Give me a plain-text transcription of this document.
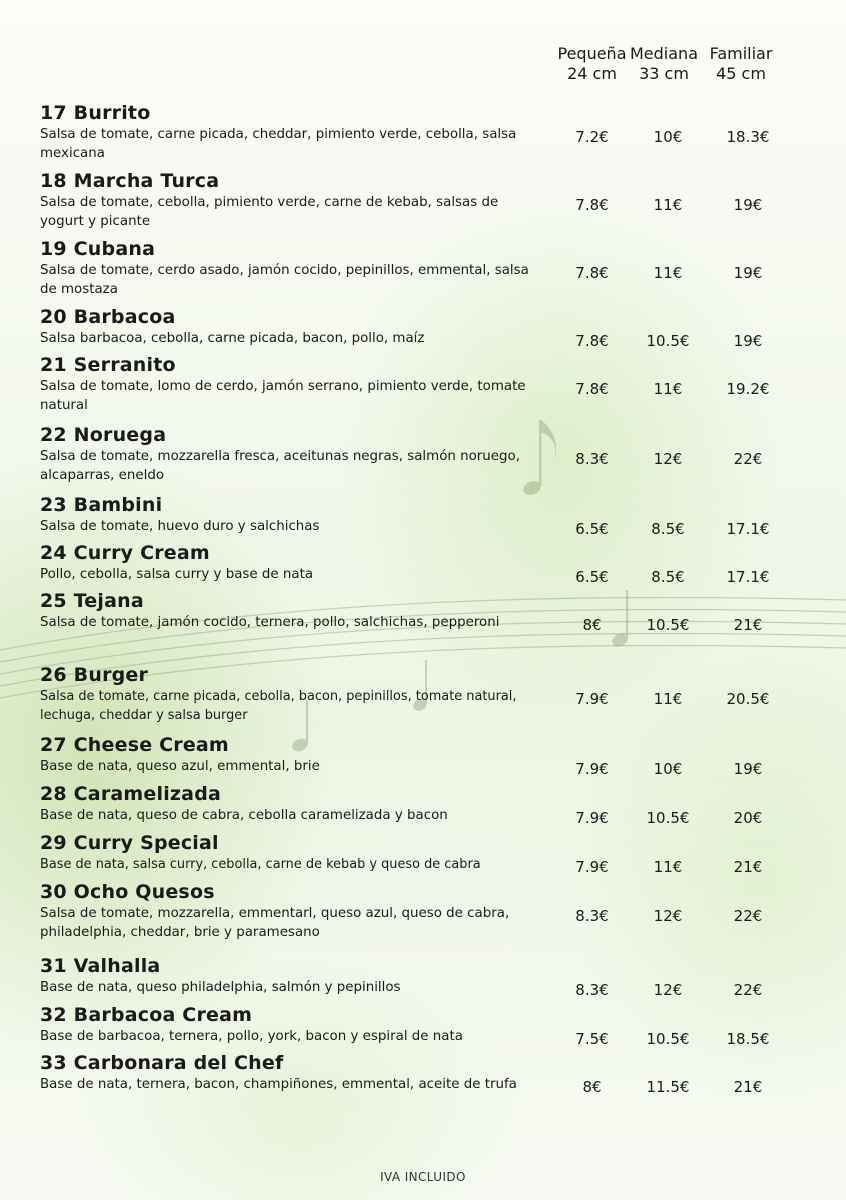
Pequeña Mediana Familiar
24 cm	33 cm	45 cm
17 Burrito
Salsa de tomate, carne picada, cheddar, pimiento verde, cebolla, salsa mexicana
7.2€	10€	18.3€
18 Marcha Turca
Salsa de tomate, cebolla, pimiento verde, carne de kebab, salsas de yogurt y picante
7.8€	11€	19€
19 Cubana
Salsa de tomate, cerdo asado, jamón cocido, pepinillos, emmental, salsa de mostaza
7.8€	11€	19€
20 Barbacoa
Salsa barbacoa, cebolla, carne picada, bacon, pollo, maíz	7.8€	10.5€	19€
21 Serranito
Salsa de tomate, lomo de cerdo, jamón serrano, pimiento verde, tomate natural
7.8€	11€	19.2€
22 Noruega
Salsa de tomate, mozzarella fresca, aceitunas negras, salmón noruego, alcaparras, eneldo
8.3€	12€	22€
23 Bambini
Salsa de tomate, huevo duro y salchichas	6.5€	8.5€	17.1€
24 Curry Cream
Pollo, cebolla, salsa curry y base de nata	6.5€	8.5€	17.1€
25 Tejana
Salsa de tomate, jamón cocido, ternera, pollo, salchichas, pepperoni	8€	10.5€	21€
26 Burger
Salsa de tomate, carne picada, cebolla, bacon, pepinillos, tomate natural, lechuga, cheddar y salsa burger
7.9€	11€	20.5€
27 Cheese Cream
Base de nata, queso azul, emmental, brie	7.9€	10€	19€
28 Caramelizada
Base de nata, queso de cabra, cebolla caramelizada y bacon	7.9€	10.5€	20€
29 Curry Special
Base de nata, salsa curry, cebolla, carne de kebab y queso de cabra	7.9€	11€	21€
30 Ocho Quesos
Salsa de tomate, mozzarella, emmentarl, queso azul, queso de cabra, philadelphia, cheddar, brie y paramesano
8.3€	12€	22€
31 Valhalla
Base de nata, queso philadelphia, salmón y pepinillos	8.3€	12€	22€
32 Barbacoa Cream
Base de barbacoa, ternera, pollo, york, bacon y espiral de nata	7.5€	10.5€	18.5€
33 Carbonara del Chef
Base de nata, ternera, bacon, champiñones, emmental, aceite de trufa	8€	11.5€	21€
IVA INCLUIDO
